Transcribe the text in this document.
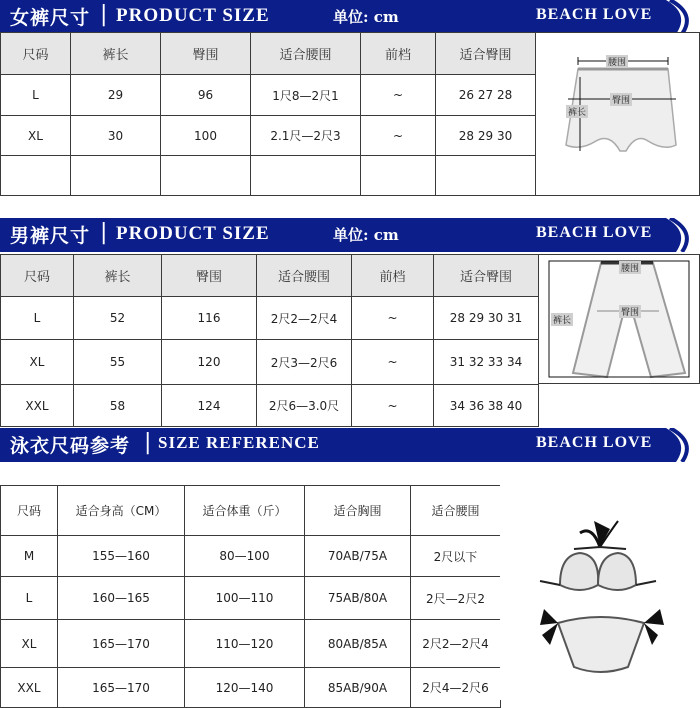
女裤尺寸 | PRODUCT SIZE	单位: cm	BEACH LOVE
尺码	裤长	臀围	适合腰围	前档	适合臀围
L	29	96	1尺8—2尺1	~	26 27 28
XL	30	100	2.1尺—2尺3	~	28 29 30

腰围
臀围
裤长
男裤尺寸 | PRODUCT SIZE	单位: cm	BEACH LOVE
尺码	裤长	臀围	适合腰围	前档	适合臀围
L	52	116	2尺2—2尺4	~	28 29 30 31
XL	55	120	2尺3—2尺6	~	31 32 33 34
XXL	58	124	2尺6—3.0尺	~	34 36 38 40
腰围
臀围
裤长
泳衣尺码参考 | SIZE REFERENCE	BEACH LOVE
尺码	适合身高（CM）	适合体重（斤）	适合胸围	适合腰围
M	155—160	80—100	70AB/75A	2尺以下
L	160—165	100—110	75AB/80A	2尺—2尺2
XL	165—170	110—120	80AB/85A	2尺2—2尺4
XXL	165—170	120—140	85AB/90A	2尺4—2尺6
